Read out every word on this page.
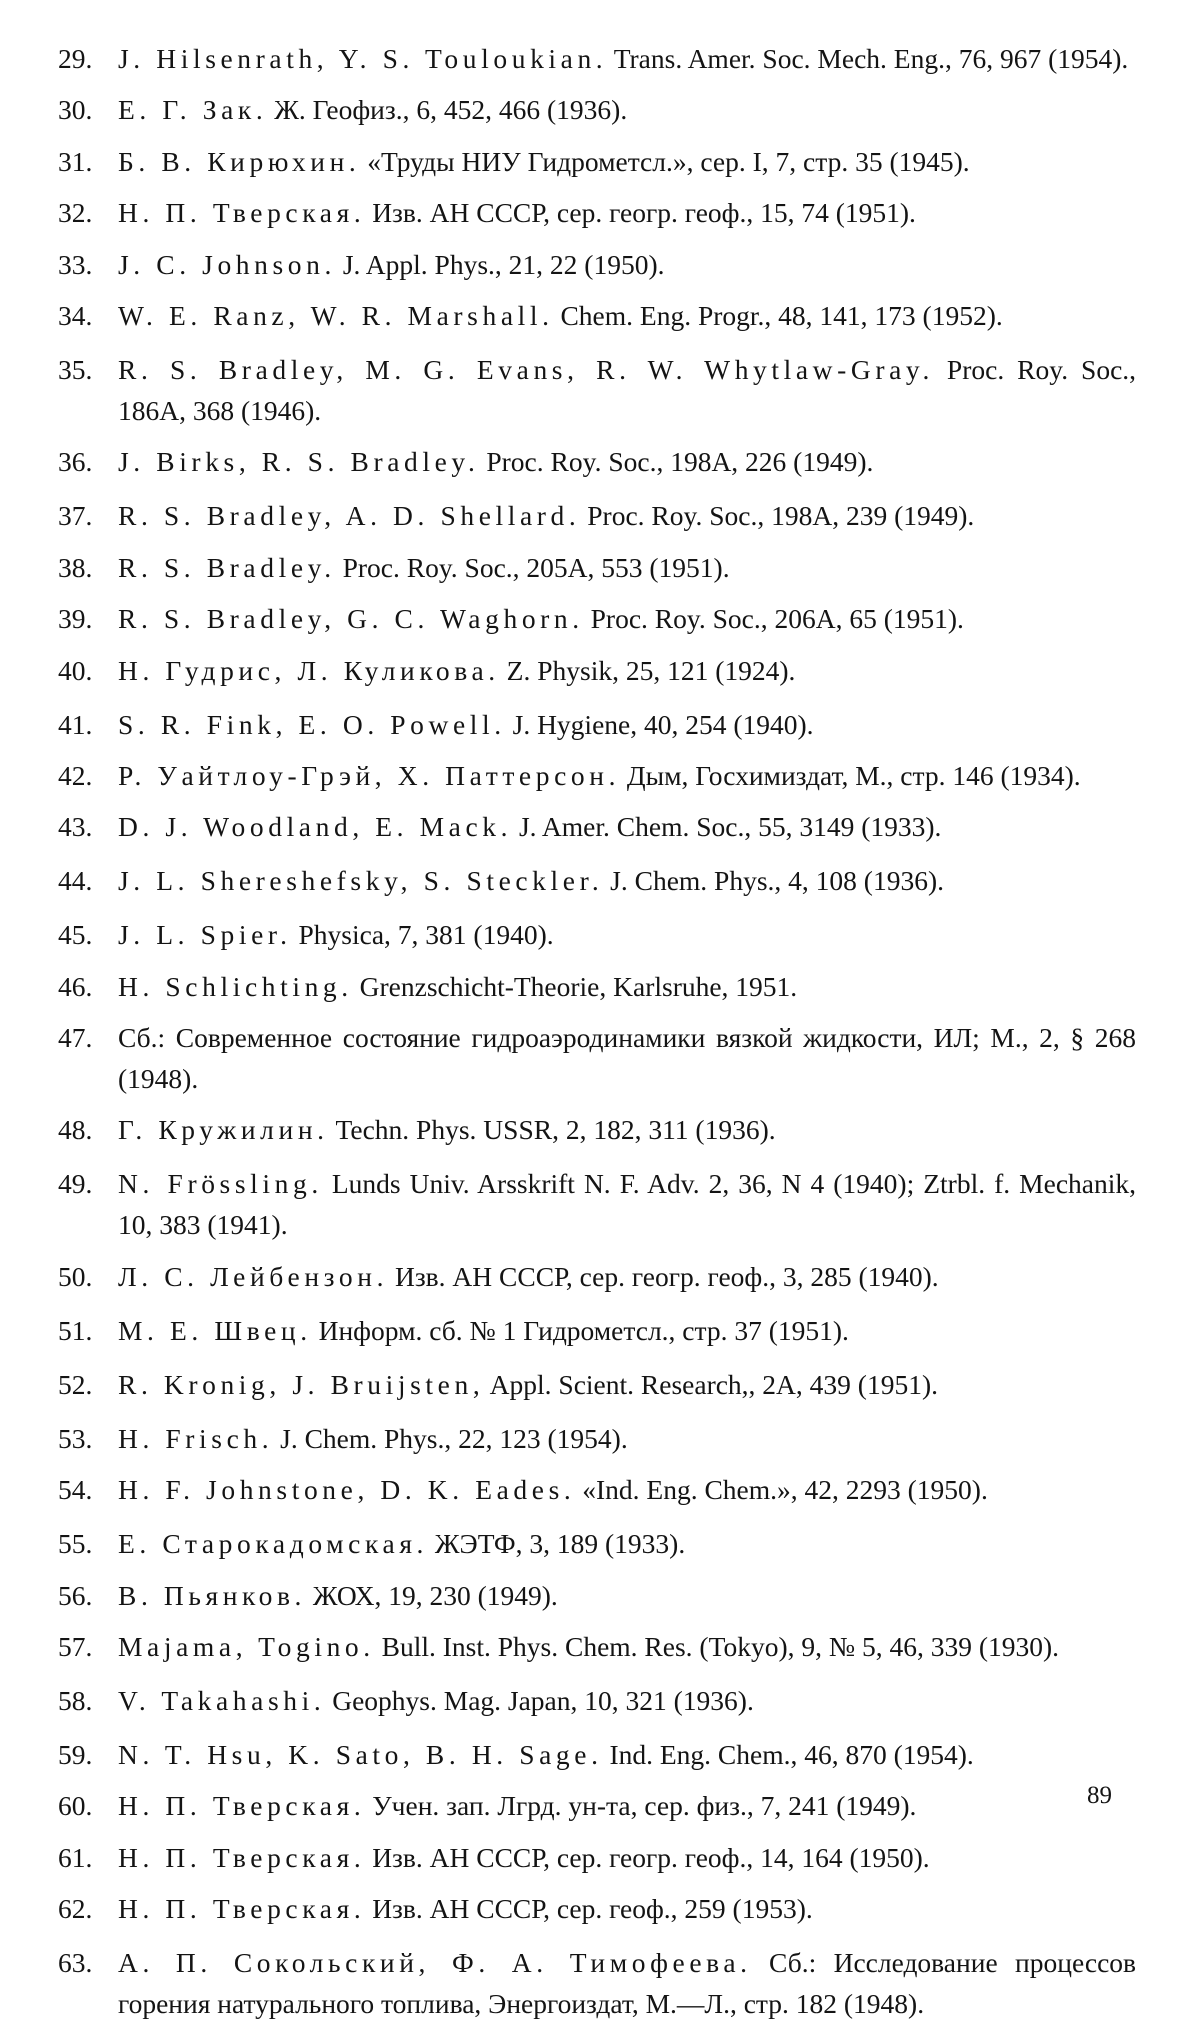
29. J. Hilsenrath, Y. S. Touloukian. Trans. Amer. Soc. Mech. Eng., 76, 967 (1954).
30. Е. Г. Зак. Ж. Геофиз., 6, 452, 466 (1936).
31. Б. В. Кирюхин. «Труды НИУ Гидрометсл.», сер. I, 7, стр. 35 (1945).
32. Н. П. Тверская. Изв. АН СССР, сер. геогр. геоф., 15, 74 (1951).
33. J. C. Johnson. J. Appl. Phys., 21, 22 (1950).
34. W. E. Ranz, W. R. Marshall. Chem. Eng. Progr., 48, 141, 173 (1952).
35. R. S. Bradley, M. G. Evans, R. W. Whytlaw-Gray. Proc. Roy. Soc., 186A, 368 (1946).
36. J. Birks, R. S. Bradley. Proc. Roy. Soc., 198A, 226 (1949).
37. R. S. Bradley, A. D. Shellard. Proc. Roy. Soc., 198A, 239 (1949).
38. R. S. Bradley. Proc. Roy. Soc., 205A, 553 (1951).
39. R. S. Bradley, G. C. Waghorn. Proc. Roy. Soc., 206A, 65 (1951).
40. Н. Гудрис, Л. Куликова. Z. Physik, 25, 121 (1924).
41. S. R. Fink, E. O. Powell. J. Hygiene, 40, 254 (1940).
42. Р. Уайтлоу-Грэй, Х. Паттерсон. Дым, Госхимиздат, М., стр. 146 (1934).
43. D. J. Woodland, E. Mack. J. Amer. Chem. Soc., 55, 3149 (1933).
44. J. L. Shereshefsky, S. Steckler. J. Chem. Phys., 4, 108 (1936).
45. J. L. Spier. Physica, 7, 381 (1940).
46. H. Schlichting. Grenzschicht-Theorie, Karlsruhe, 1951.
47. Сб.: Современное состояние гидроаэродинамики вязкой жидкости, ИЛ; М., 2, § 268 (1948).
48. Г. Кружилин. Techn. Phys. USSR, 2, 182, 311 (1936).
49. N. Frössling. Lunds Univ. Arsskrift N. F. Adv. 2, 36, N 4 (1940); Ztrbl. f. Mechanik, 10, 383 (1941).
50. Л. С. Лейбензон. Изв. АН СССР, сер. геогр. геоф., 3, 285 (1940).
51. М. Е. Швец. Информ. сб. № 1 Гидрометсл., стр. 37 (1951).
52. R. Kronig, J. Bruijsten, Appl. Scient. Research,, 2A, 439 (1951).
53. H. Frisch. J. Chem. Phys., 22, 123 (1954).
54. H. F. Johnstone, D. K. Eades. «Ind. Eng. Chem.», 42, 2293 (1950).
55. Е. Старокадомская. ЖЭТФ, 3, 189 (1933).
56. В. Пьянков. ЖОХ, 19, 230 (1949).
57. Majama, Togino. Bull. Inst. Phys. Chem. Res. (Tokyo), 9, № 5, 46, 339 (1930).
58. V. Takahashi. Geophys. Mag. Japan, 10, 321 (1936).
59. N. T. Hsu, K. Sato, B. H. Sage. Ind. Eng. Chem., 46, 870 (1954).
60. Н. П. Тверская. Учен. зап. Лгрд. ун-та, сер. физ., 7, 241 (1949).
61. Н. П. Тверская. Изв. АН СССР, сер. геогр. геоф., 14, 164 (1950).
62. Н. П. Тверская. Изв. АН СССР, сер. геоф., 259 (1953).
63. А. П. Сокольский, Ф. А. Тимофеева. Сб.: Исследование процессов горения натурального топлива, Энергоиздат, М.—Л., стр. 182 (1948).
89
